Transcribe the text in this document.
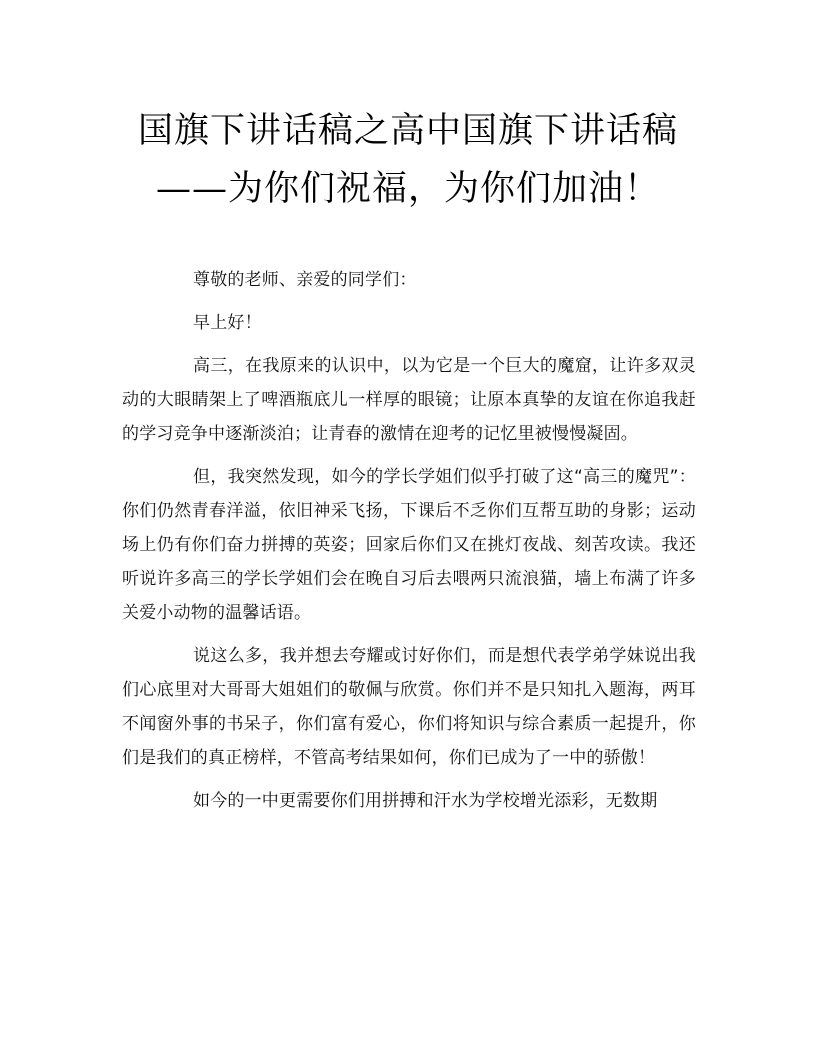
国旗下讲话稿之高中国旗下讲话稿
——为你们祝福，为你们加油！

尊敬的老师、亲爱的同学们：

早上好！

高三，在我原来的认识中，以为它是一个巨大的魔窟，让许多双灵动的大眼睛架上了啤酒瓶底儿一样厚的眼镜；让原本真挚的友谊在你追我赶的学习竞争中逐渐淡泊；让青春的激情在迎考的记忆里被慢慢凝固。

但，我突然发现，如今的学长学姐们似乎打破了这“高三的魔咒”：你们仍然青春洋溢，依旧神采飞扬，下课后不乏你们互帮互助的身影；运动场上仍有你们奋力拼搏的英姿；回家后你们又在挑灯夜战、刻苦攻读。我还听说许多高三的学长学姐们会在晚自习后去喂两只流浪猫，墙上布满了许多关爱小动物的温馨话语。

说这么多，我并想去夸耀或讨好你们，而是想代表学弟学妹说出我们心底里对大哥哥大姐姐们的敬佩与欣赏。你们并不是只知扎入题海，两耳不闻窗外事的书呆子，你们富有爱心，你们将知识与综合素质一起提升，你们是我们的真正榜样，不管高考结果如何，你们已成为了一中的骄傲！

如今的一中更需要你们用拼搏和汗水为学校增光添彩，无数期
